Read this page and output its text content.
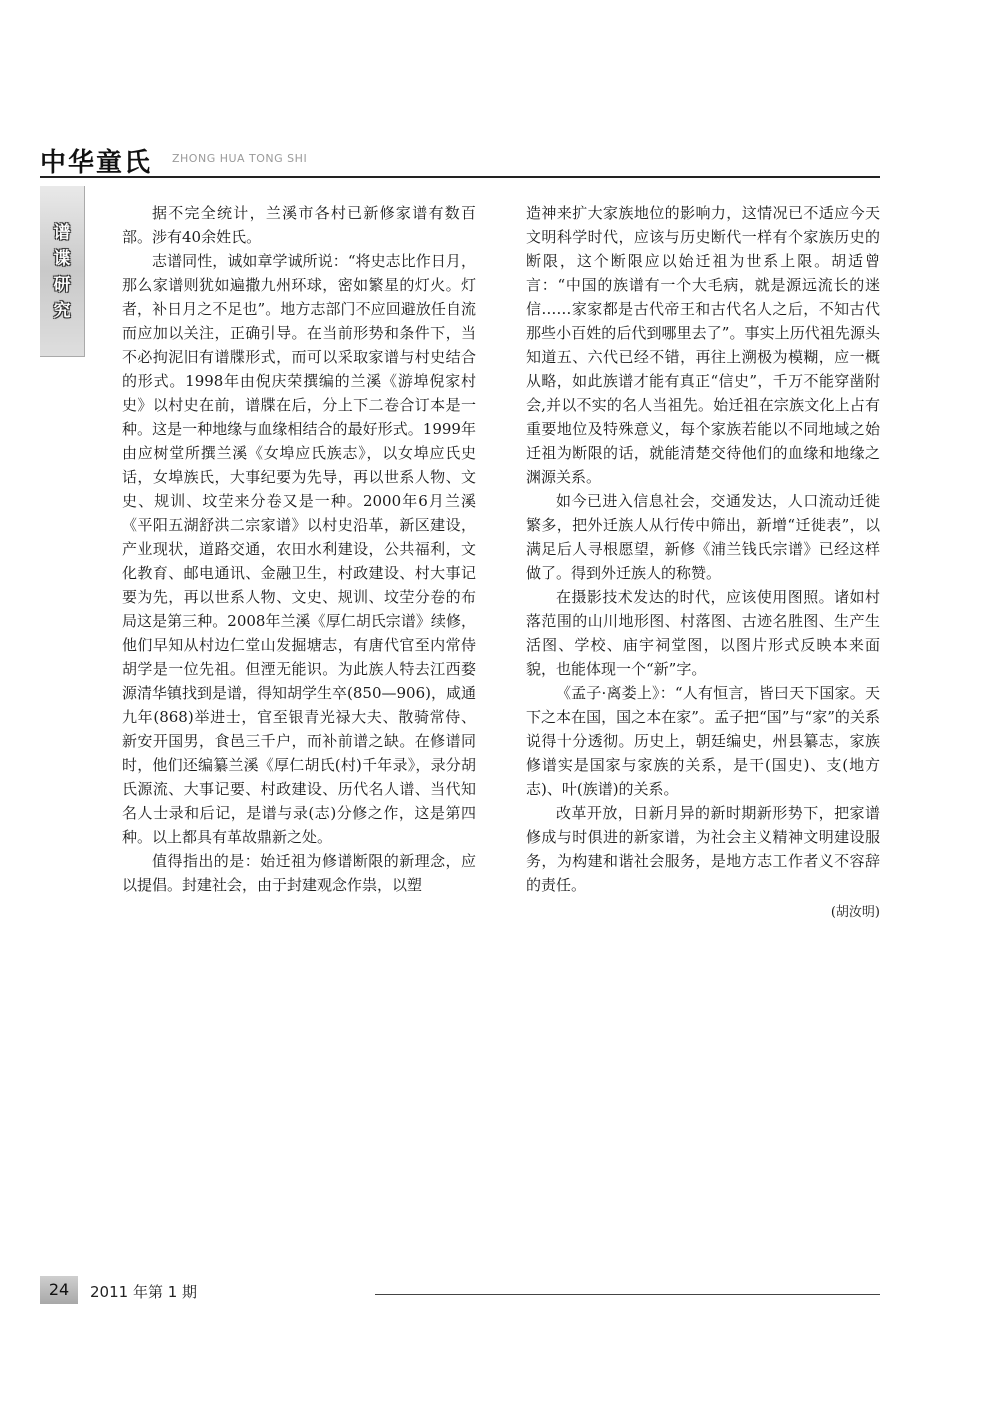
中华童氏 ZHONG HUA TONG SHI
谱谍研究

据不完全统计，兰溪市各村已新修家谱有数百部。涉有40余姓氏。

志谱同性，诚如章学诚所说：“将史志比作日月，那么家谱则犹如遍撒九州环球，密如繁星的灯火。灯者，补日月之不足也”。地方志部门不应回避放任自流而应加以关注，正确引导。在当前形势和条件下，当不必拘泥旧有谱牒形式，而可以采取家谱与村史结合的形式。1998年由倪庆荣撰编的兰溪《游埠倪家村史》以村史在前，谱牒在后，分上下二卷合订本是一种。这是一种地缘与血缘相结合的最好形式。1999年由应树堂所撰兰溪《女埠应氏族志》，以女埠应氏史话，女埠族氏，大事纪要为先导，再以世系人物、文史、规训、坟茔来分卷又是一种。2000年6月兰溪《平阳五湖舒洪二宗家谱》以村史沿革，新区建设，产业现状，道路交通，农田水利建设，公共福利，文化教育、邮电通讯、金融卫生，村政建设、村大事记要为先，再以世系人物、文史、规训、坟茔分卷的布局这是第三种。2008年兰溪《厚仁胡氏宗谱》续修，他们早知从村边仁堂山发掘塘志，有唐代官至内常侍胡学是一位先祖。但湮无能识。为此族人特去江西婺源清华镇找到是谱，得知胡学生卒(850—906)，咸通九年(868)举进士，官至银青光禄大夫、散骑常侍、新安开国男，食邑三千户，而补前谱之缺。在修谱同时，他们还编纂兰溪《厚仁胡氏(村)千年录》，录分胡氏源流、大事记要、村政建设、历代名人谱、当代知名人士录和后记，是谱与录(志)分修之作，这是第四种。以上都具有革故鼎新之处。

值得指出的是：始迁祖为修谱断限的新理念，应以提倡。封建社会，由于封建观念作祟，以塑

造神来扩大家族地位的影响力，这情况已不适应今天文明科学时代，应该与历史断代一样有个家族历史的断限，这个断限应以始迁祖为世系上限。胡适曾言：“中国的族谱有一个大毛病，就是源远流长的迷信……家家都是古代帝王和古代名人之后，不知古代那些小百姓的后代到哪里去了”。事实上历代祖先源头知道五、六代已经不错，再往上溯极为模糊，应一概从略，如此族谱才能有真正“信史”，千万不能穿凿附会,并以不实的名人当祖先。始迁祖在宗族文化上占有重要地位及特殊意义，每个家族若能以不同地域之始迁祖为断限的话，就能清楚交待他们的血缘和地缘之渊源关系。

如今已进入信息社会，交通发达，人口流动迁徙繁多，把外迁族人从行传中筛出，新增“迁徙表”，以满足后人寻根愿望，新修《浦兰钱氏宗谱》已经这样做了。得到外迁族人的称赞。

在摄影技术发达的时代，应该使用图照。诸如村落范围的山川地形图、村落图、古迹名胜图、生产生活图、学校、庙宇祠堂图，以图片形式反映本来面貌，也能体现一个“新”字。

《孟子·离娄上》：“人有恒言，皆曰天下国家。天下之本在国，国之本在家”。孟子把“国”与“家”的关系说得十分透彻。历史上，朝廷编史，州县纂志，家族修谱实是国家与家族的关系，是干(国史)、支(地方志)、叶(族谱)的关系。

改革开放，日新月异的新时期新形势下，把家谱修成与时俱进的新家谱，为社会主义精神文明建设服务，为构建和谐社会服务，是地方志工作者义不容辞的责任。

(胡汝明)
24	2011 年第 1 期
